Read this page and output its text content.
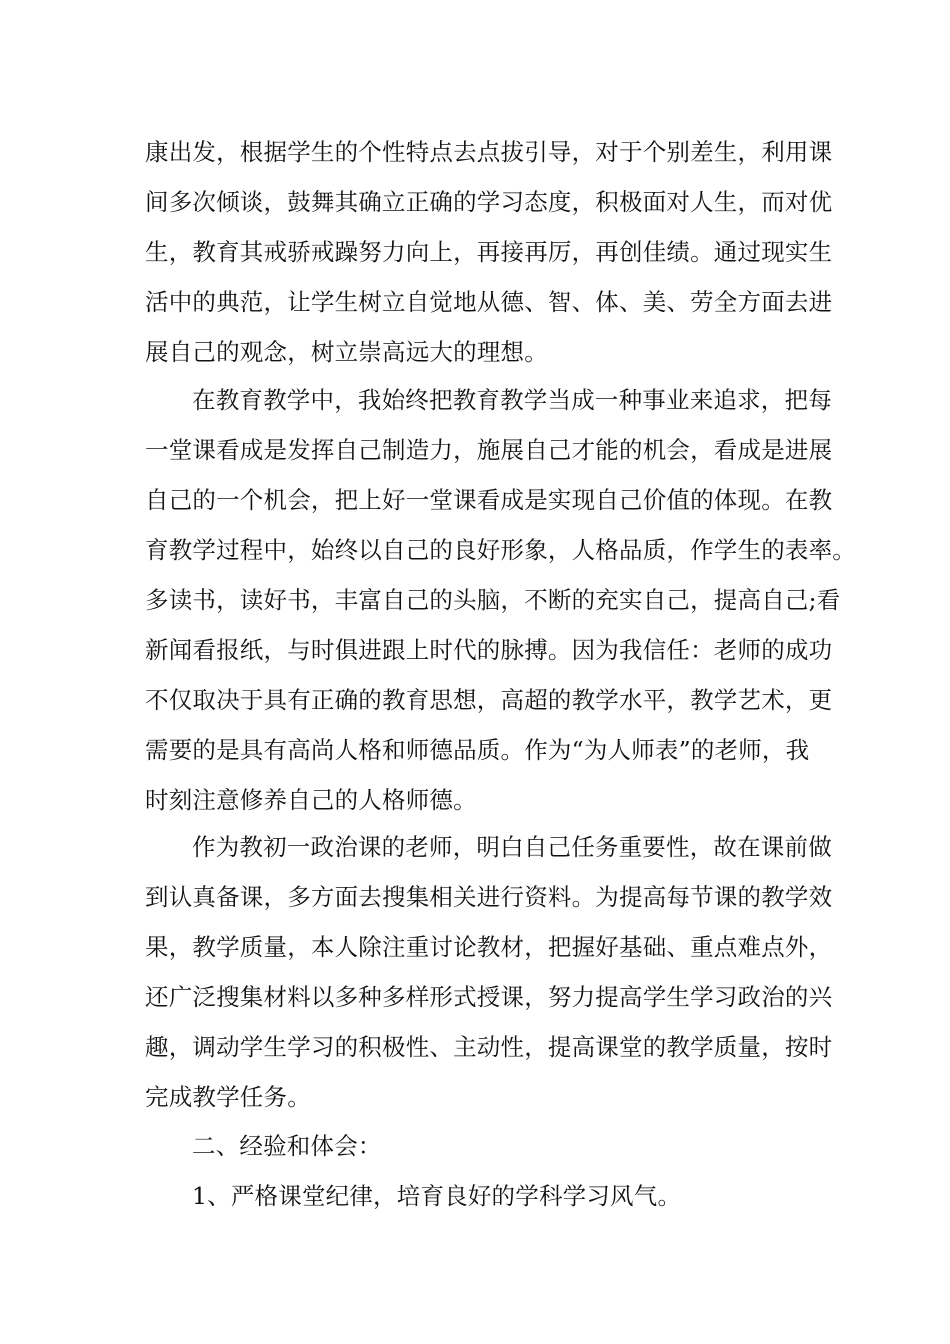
康出发，根据学生的个性特点去点拔引导，对于个别差生，利用课
间多次倾谈，鼓舞其确立正确的学习态度，积极面对人生，而对优
生，教育其戒骄戒躁努力向上，再接再厉，再创佳绩。通过现实生
活中的典范，让学生树立自觉地从德、智、体、美、劳全方面去进
展自己的观念，树立崇高远大的理想。
在教育教学中，我始终把教育教学当成一种事业来追求，把每
一堂课看成是发挥自己制造力，施展自己才能的机会，看成是进展
自己的一个机会，把上好一堂课看成是实现自己价值的体现。在教
育教学过程中，始终以自己的良好形象，人格品质，作学生的表率。
多读书，读好书，丰富自己的头脑，不断的充实自己，提高自己;看
新闻看报纸，与时俱进跟上时代的脉搏。因为我信任：老师的成功
不仅取决于具有正确的教育思想，高超的教学水平，教学艺术，更
需要的是具有高尚人格和师德品质。作为“为人师表”的老师，我
时刻注意修养自己的人格师德。
作为教初一政治课的老师，明白自己任务重要性，故在课前做
到认真备课，多方面去搜集相关进行资料。为提高每节课的教学效
果，教学质量，本人除注重讨论教材，把握好基础、重点难点外，
还广泛搜集材料以多种多样形式授课，努力提高学生学习政治的兴
趣，调动学生学习的积极性、主动性，提高课堂的教学质量，按时
完成教学任务。
二、经验和体会：
1、严格课堂纪律，培育良好的学科学习风气。
